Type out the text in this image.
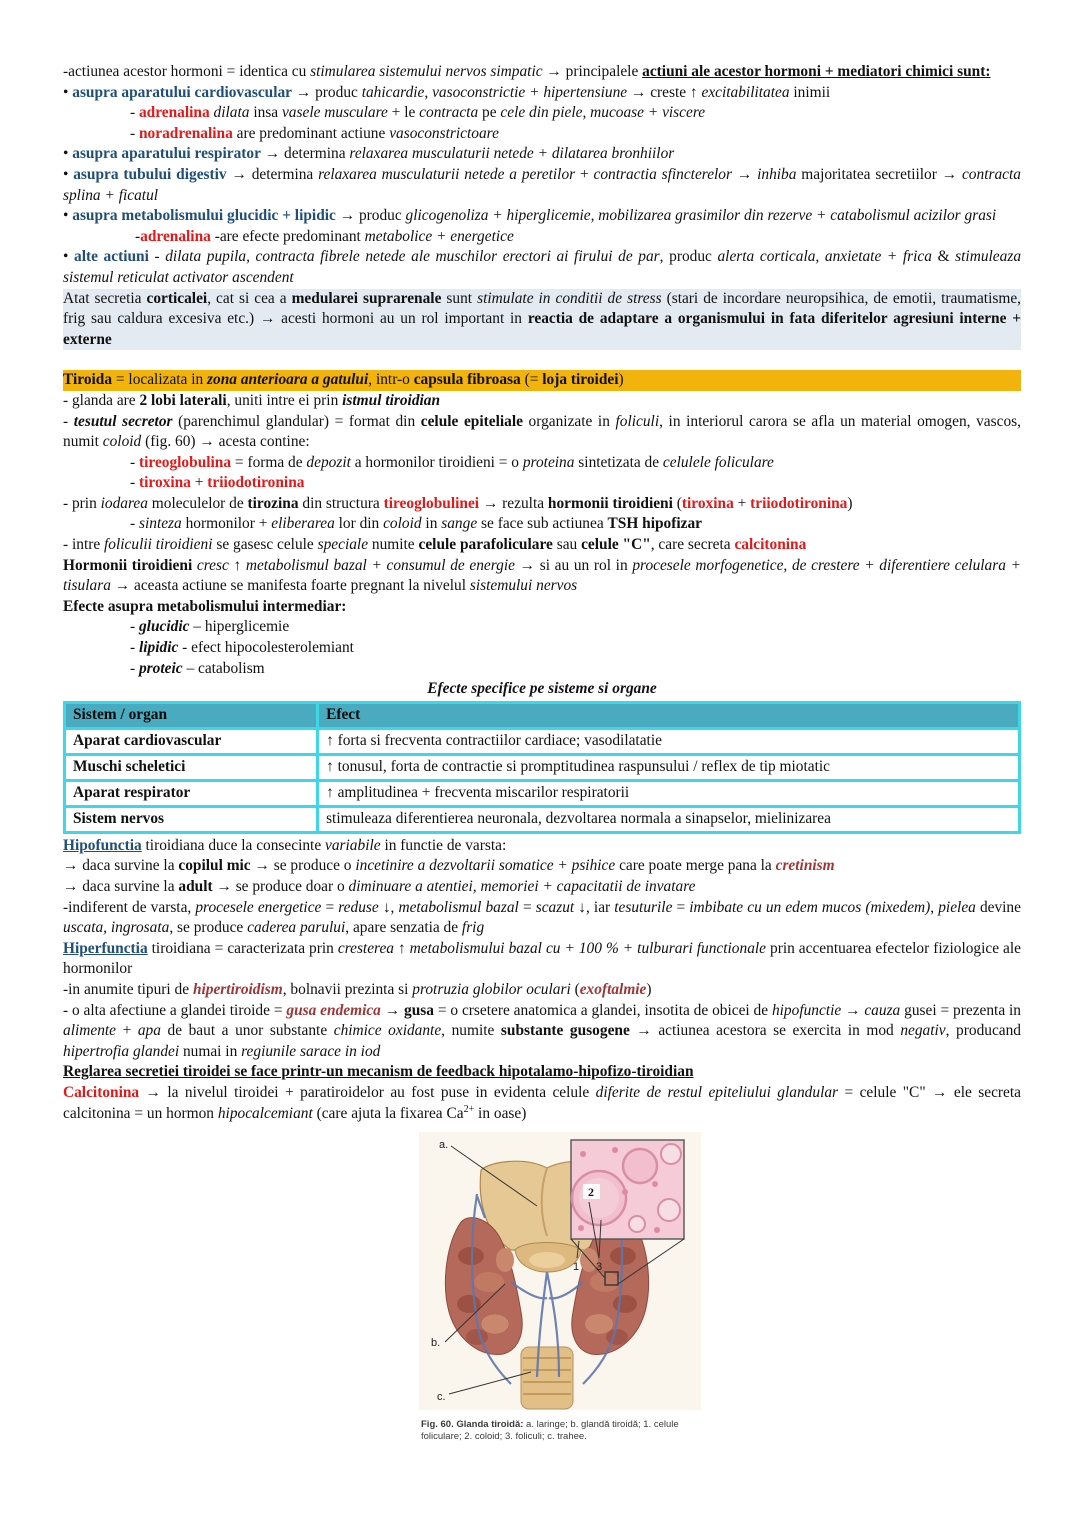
-actiunea acestor hormoni = identica cu stimularea sistemului nervos simpatic → principalele actiuni ale acestor hormoni + mediatori chimici sunt:
• asupra aparatului cardiovascular → produc tahicardie, vasoconstrictie + hipertensiune → creste ↑ excitabilitatea inimii
- adrenalina dilata insa vasele musculare + le contracta pe cele din piele, mucoase + viscere
- noradrenalina are predominant actiune vasoconstrictoare
• asupra aparatului respirator → determina relaxarea musculaturii netede + dilatarea bronhiilor
• asupra tubului digestiv → determina relaxarea musculaturii netede a peretilor + contractia sfincterelor → inhiba majoritatea secretiilor → contracta splina + ficatul
• asupra metabolismului glucidic + lipidic → produc glicogenoliza + hiperglicemie, mobilizarea grasimilor din rezerve + catabolismul acizilor grasi
-adrenalina -are efecte predominant metabolice + energetice
• alte actiuni - dilata pupila, contracta fibrele netede ale muschilor erectori ai firului de par, produc alerta corticala, anxietate + frica & stimuleaza sistemul reticulat activator ascendent
Atat secretia corticalei, cat si cea a medularei suprarenale sunt stimulate in conditii de stress (stari de incordare neuropsihica, de emotii, traumatisme, frig sau caldura excesiva etc.) → acesti hormoni au un rol important in reactia de adaptare a organismului in fata diferitelor agresiuni interne + externe
Tiroida = localizata in zona anterioara a gatului, intr-o capsula fibroasa (= loja tiroidei)
- glanda are 2 lobi laterali, uniti intre ei prin istmul tiroidian
- tesutul secretor (parenchimul glandular) = format din celule epiteliale organizate in foliculi, in interiorul carora se afla un material omogen, vascos, numit coloid (fig. 60) → acesta contine:
- tireoglobulina = forma de depozit a hormonilor tiroidieni = o proteina sintetizata de celulele foliculare
- tiroxina + triiodotironina
- prin iodarea moleculelor de tirozina din structura tireoglobulinei → rezulta hormonii tiroidieni (tiroxina + triiodotironina)
- sinteza hormonilor + eliberarea lor din coloid in sange se face sub actiunea TSH hipofizar
- intre foliculii tiroidieni se gasesc celule speciale numite celule parafoliculare sau celule "C", care secreta calcitonina
Hormonii tiroidieni cresc ↑ metabolismul bazal + consumul de energie → si au un rol in procesele morfogenetice, de crestere + diferentiere celulara + tisulara → aceasta actiune se manifesta foarte pregnant la nivelul sistemului nervos
Efecte asupra metabolismului intermediar:
- glucidic – hiperglicemie
- lipidic - efect hipocolesterolemiant
- proteic – catabolism
Efecte specifice pe sisteme si organe
Sistem / organ	Efect
Aparat cardiovascular	↑ forta si frecventa contractiilor cardiace; vasodilatatie
Muschi scheletici	↑ tonusul, forta de contractie si promptitudinea raspunsului / reflex de tip miotatic
Aparat respirator	↑ amplitudinea + frecventa miscarilor respiratorii
Sistem nervos	stimuleaza diferentierea neuronala, dezvoltarea normala a sinapselor, mielinizarea
Hipofunctia tiroidiana duce la consecinte variabile in functie de varsta:
→ daca survine la copilul mic → se produce o incetinire a dezvoltarii somatice + psihice care poate merge pana la cretinism
→ daca survine la adult → se produce doar o diminuare a atentiei, memoriei + capacitatii de invatare
-indiferent de varsta, procesele energetice = reduse ↓, metabolismul bazal = scazut ↓, iar tesuturile = imbibate cu un edem mucos (mixedem), pielea devine uscata, ingrosata, se produce caderea parului, apare senzatia de frig
Hiperfunctia tiroidiana = caracterizata prin cresterea ↑ metabolismului bazal cu + 100 % + tulburari functionale prin accentuarea efectelor fiziologice ale hormonilor
-in anumite tipuri de hipertiroidism, bolnavii prezinta si protruzia globilor oculari (exoftalmie)
- o alta afectiune a glandei tiroide = gusa endemica → gusa = o crsetere anatomica a glandei, insotita de obicei de hipofunctie → cauza gusei = prezenta in alimente + apa de baut a unor substante chimice oxidante, numite substante gusogene → actiunea acestora se exercita in mod negativ, producand hipertrofia glandei numai in regiunile sarace in iod
Reglarea secretiei tiroidei se face printr-un mecanism de feedback hipotalamo-hipofizo-tiroidian
Calcitonina → la nivelul tiroidei + paratiroidelor au fost puse in evidenta celule diferite de restul epiteliului glandular = celule "C" → ele secreta calcitonina = un hormon hipocalcemiant (care ajuta la fixarea $Ca^{2+}$ in oase)
2
a.
b.
c.
1 3
Fig. 60. Glanda tiroidă: a. laringe; b. glandă tiroidă; 1. celule foliculare; 2. coloid; 3. foliculi; c. trahee.
